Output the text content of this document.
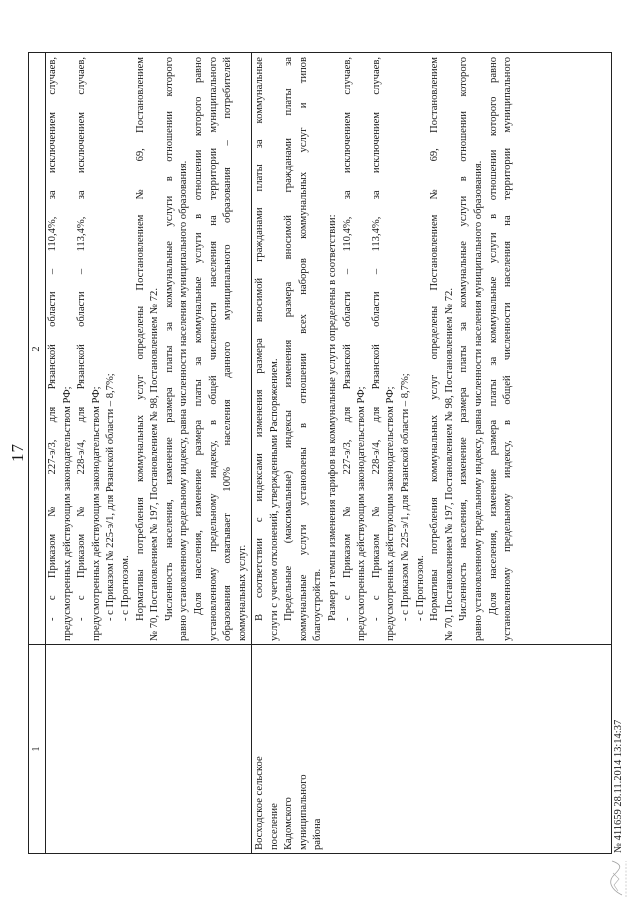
17
1
2 - с Приказом № 227-э/3, для Рязанской области – 110,4%, за исключением случаев, предусмотренных действующим законодательством РФ; - с Приказом № 228-э/4, для Рязанской области – 113,4%, за исключением случаев, предусмотренных действующим законодательством РФ; - с Приказом № 225-э/1, для Рязанской области – 8,7%; - с Прогнозом. Нормативы потребления коммунальных услуг определены Постановлением № 69, Постановлением № 70, Постановлением № 197, Постановлением № 98, Постановлением № 72. Численность населения, изменение размера платы за коммунальные услуги в отношении которого равно установленному предельному индексу, равна численности населения муниципального образования. Доля населения, изменение размера платы за коммунальные услуги в отношении которого равно установленному предельному индексу, в общей численности населения на территории муниципального образования охватывает 100% населения данного муниципального образования – потребителей коммунальных услуг.
Восходское сельское поселение Кадомского муниципального района
В соответствии с индексами изменения размера вносимой гражданами платы за коммунальные услуги с учетом отклонений, утвержденными Распоряжением. Предельные (максимальные) индексы изменения размера вносимой гражданами платы за коммунальные услуги установлены в отношении всех наборов коммунальных услуг и типов благоустройств. Размер и темпы изменения тарифов на коммунальные услуги определены в соответствии: - с Приказом № 227-э/3, для Рязанской области – 110,4%, за исключением случаев, предусмотренных действующим законодательством РФ; - с Приказом № 228-э/4, для Рязанской области – 113,4%, за исключением случаев, предусмотренных действующим законодательством РФ; - с Приказом № 225-э/1, для Рязанской области – 8,7%; - с Прогнозом. Нормативы потребления коммунальных услуг определены Постановлением № 69, Постановлением № 70, Постановлением № 197, Постановлением № 98, Постановлением № 72. Численность населения, изменение размера платы за коммунальные услуги в отношении которого равно установленному предельному индексу, равна численности населения муниципального образования. Доля населения, изменение размера платы за коммунальные услуги в отношении которого равно установленному предельному индексу, в общей численности населения на территории муниципального
№ 411659 28.11.2014 13:14:37
